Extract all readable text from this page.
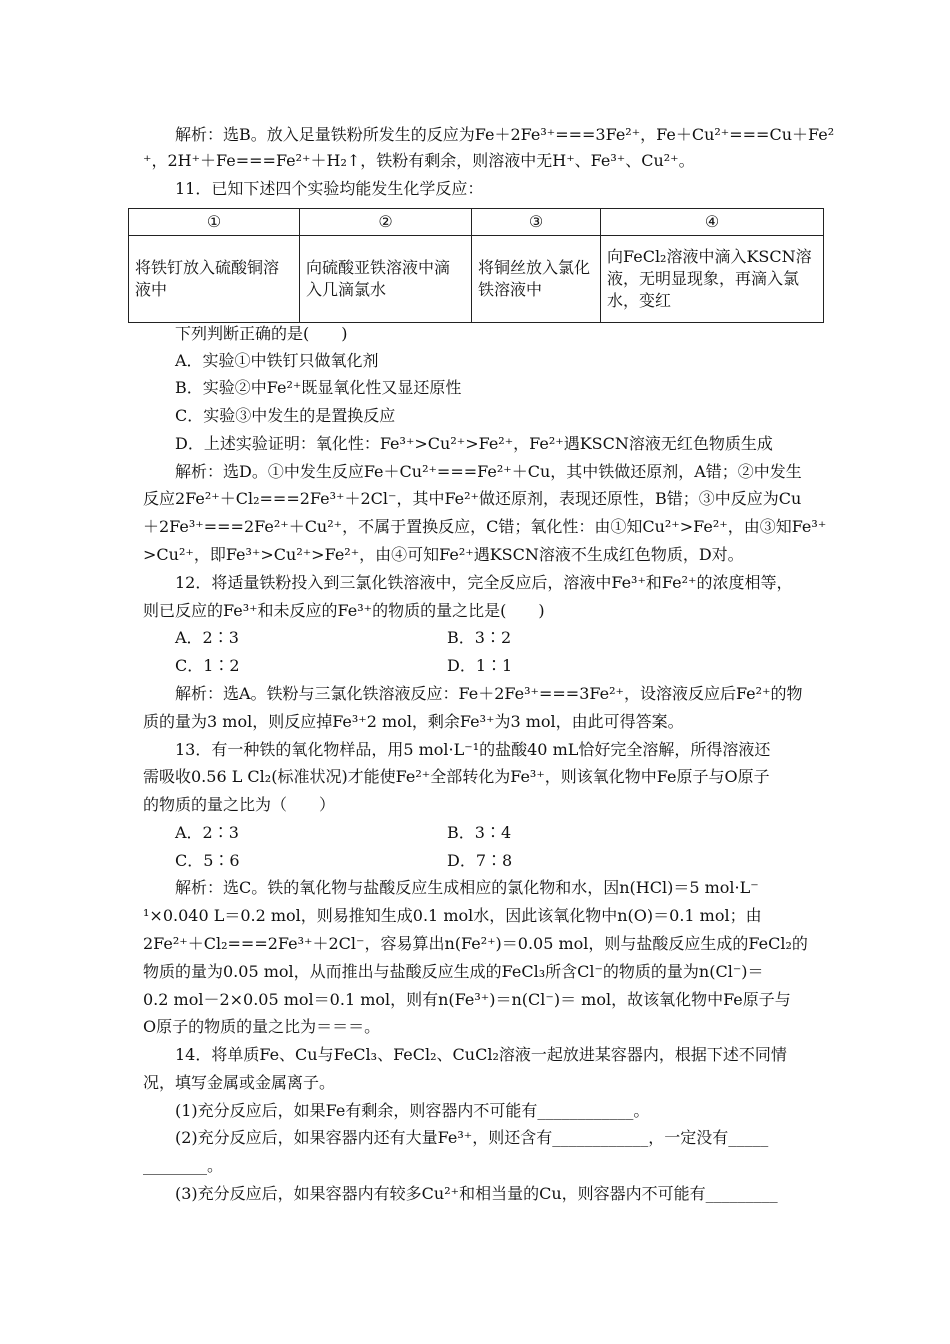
解析：选B。放入足量铁粉所发生的反应为Fe＋2Fe³⁺===3Fe²⁺，Fe＋Cu²⁺===Cu＋Fe²
⁺，2H⁺＋Fe===Fe²⁺＋H₂↑，铁粉有剩余，则溶液中无H⁺、Fe³⁺、Cu²⁺。
11．已知下述四个实验均能发生化学反应：
①	②	③	④
将铁钉放入硫酸铜溶液中	向硫酸亚铁溶液中滴入几滴氯水	将铜丝放入氯化铁溶液中	向FeCl₂溶液中滴入KSCN溶液，无明显现象，再滴入氯水，变红
下列判断正确的是(　　)
A．实验①中铁钉只做氧化剂
B．实验②中Fe²⁺既显氧化性又显还原性
C．实验③中发生的是置换反应
D．上述实验证明：氧化性：Fe³⁺>Cu²⁺>Fe²⁺，Fe²⁺遇KSCN溶液无红色物质生成
解析：选D。①中发生反应Fe＋Cu²⁺===Fe²⁺＋Cu，其中铁做还原剂，A错；②中发生
反应2Fe²⁺＋Cl₂===2Fe³⁺＋2Cl⁻，其中Fe²⁺做还原剂，表现还原性，B错；③中反应为Cu
＋2Fe³⁺===2Fe²⁺＋Cu²⁺，不属于置换反应，C错；氧化性：由①知Cu²⁺>Fe²⁺，由③知Fe³⁺
>Cu²⁺，即Fe³⁺>Cu²⁺>Fe²⁺，由④可知Fe²⁺遇KSCN溶液不生成红色物质，D对。
12．将适量铁粉投入到三氯化铁溶液中，完全反应后，溶液中Fe³⁺和Fe²⁺的浓度相等，
则已反应的Fe³⁺和未反应的Fe³⁺的物质的量之比是(　　)
A．2∶3	B．3∶2
C．1∶2	D．1∶1
解析：选A。铁粉与三氯化铁溶液反应：Fe＋2Fe³⁺===3Fe²⁺，设溶液反应后Fe²⁺的物
质的量为3 mol，则反应掉Fe³⁺2 mol，剩余Fe³⁺为3 mol，由此可得答案。
13．有一种铁的氧化物样品，用5 mol·L⁻¹的盐酸40 mL恰好完全溶解，所得溶液还
需吸收0.56 L Cl₂(标准状况)才能使Fe²⁺全部转化为Fe³⁺，则该氧化物中Fe原子与O原子
的物质的量之比为（　　）
A．2∶3	B．3∶4
C．5∶6	D．7∶8
解析：选C。铁的氧化物与盐酸反应生成相应的氯化物和水，因n(HCl)＝5 mol·L⁻
¹×0.040 L＝0.2 mol，则易推知生成0.1 mol水，因此该氧化物中n(O)＝0.1 mol；由
2Fe²⁺＋Cl₂===2Fe³⁺＋2Cl⁻，容易算出n(Fe²⁺)＝0.05 mol，则与盐酸反应生成的FeCl₂的
物质的量为0.05 mol，从而推出与盐酸反应生成的FeCl₃所含Cl⁻的物质的量为n(Cl⁻)＝
0.2 mol－2×0.05 mol＝0.1 mol，则有n(Fe³⁺)＝n(Cl⁻)＝ mol，故该氧化物中Fe原子与
O原子的物质的量之比为＝＝＝。
14．将单质Fe、Cu与FeCl₃、FeCl₂、CuCl₂溶液一起放进某容器内，根据下述不同情
况，填写金属或金属离子。
(1)充分反应后，如果Fe有剩余，则容器内不可能有____________。
(2)充分反应后，如果容器内还有大量Fe³⁺，则还含有____________，一定没有_____
________。
(3)充分反应后，如果容器内有较多Cu²⁺和相当量的Cu，则容器内不可能有_________
